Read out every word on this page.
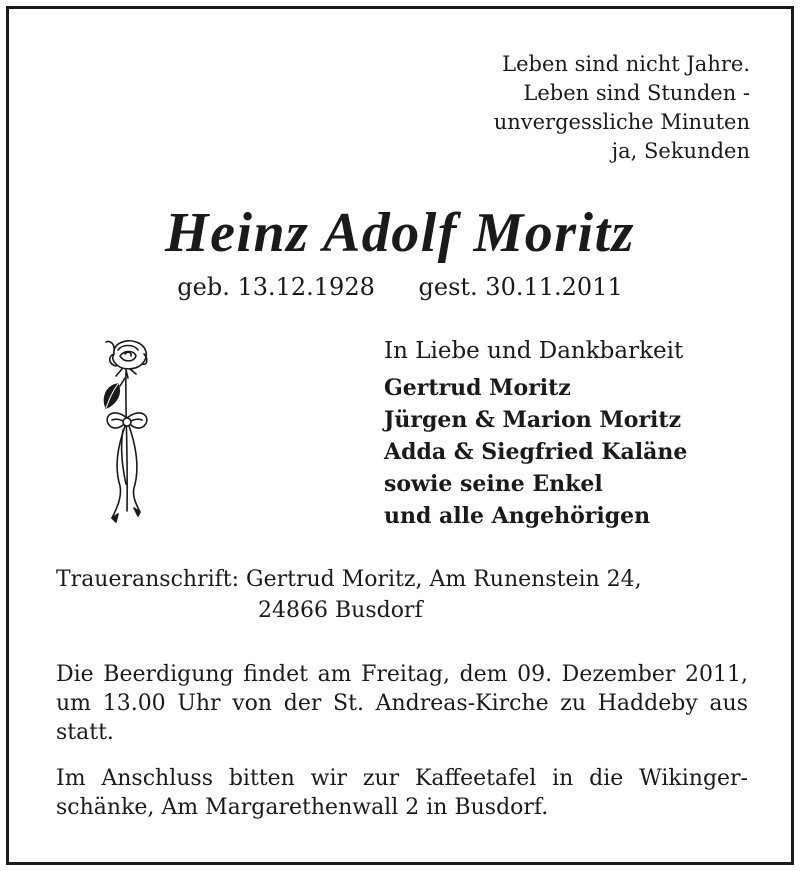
Leben sind nicht Jahre.
Leben sind Stunden -
unvergessliche Minuten
ja, Sekunden
Heinz Adolf Moritz
geb. 13.12.1928 gest. 30.11.2011
In Liebe und Dankbarkeit
Gertrud Moritz
Jürgen & Marion Moritz
Adda & Siegfried Kaläne
sowie seine Enkel
und alle Angehörigen
Traueranschrift: Gertrud Moritz, Am Runenstein 24,
24866 Busdorf
Die Beerdigung findet am Freitag, dem 09. Dezember 2011,
um 13.00 Uhr von der St. Andreas-Kirche zu Haddeby aus
statt.
Im Anschluss bitten wir zur Kaffeetafel in die Wikinger-
schänke, Am Margarethenwall 2 in Busdorf.
